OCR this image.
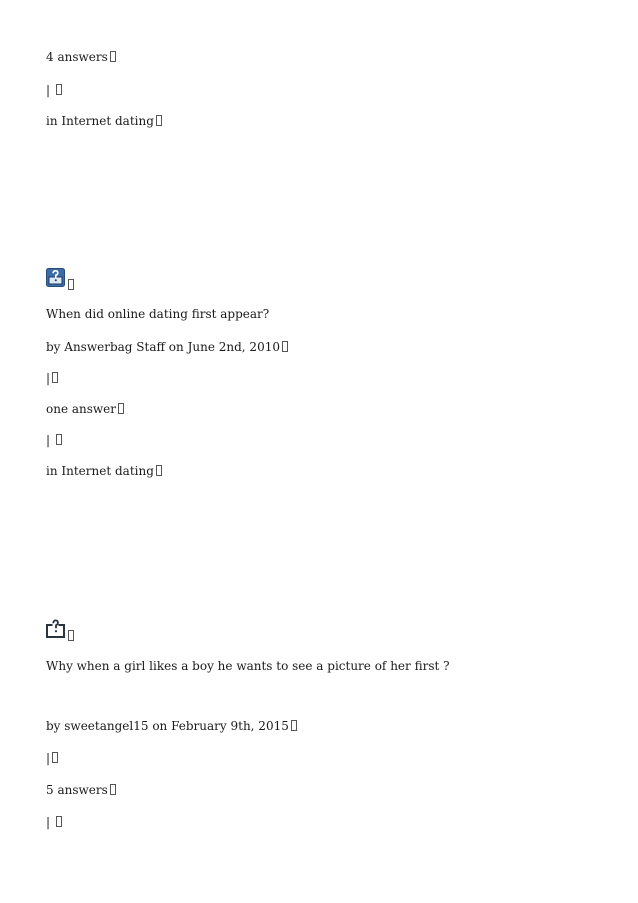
4 answers
|
in Internet dating
When did online dating first appear?
by Answerbag Staff on June 2nd, 2010
|
one answer
|
in Internet dating
Why when a girl likes a boy he wants to see a picture of her first ?
by sweetangel15 on February 9th, 2015
|
5 answers
|
